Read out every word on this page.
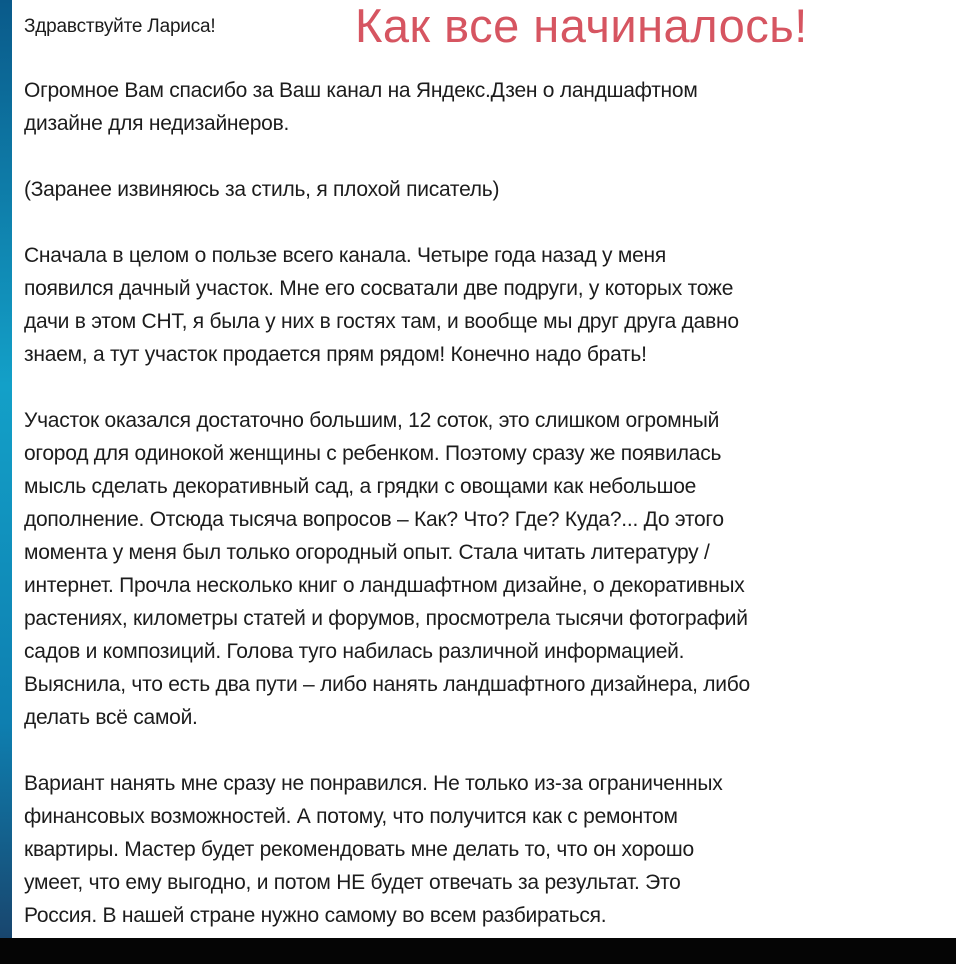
Здравствуйте Лариса!	Как все начиналось!

Огромное Вам спасибо за Ваш канал на Яндекс.Дзен о ландшафтном
дизайне для недизайнеров.

(Заранее извиняюсь за стиль, я плохой писатель)

Сначала в целом о пользе всего канала. Четыре года назад у меня
появился дачный участок. Мне его сосватали две подруги, у которых тоже
дачи в этом СНТ, я была у них в гостях там, и вообще мы друг друга давно
знаем, а тут участок продается прям рядом! Конечно надо брать!

Участок оказался достаточно большим, 12 соток, это слишком огромный
огород для одинокой женщины с ребенком. Поэтому сразу же появилась
мысль сделать декоративный сад, а грядки с овощами как небольшое
дополнение. Отсюда тысяча вопросов – Как? Что? Где? Куда?... До этого
момента у меня был только огородный опыт. Стала читать литературу /
интернет. Прочла несколько книг о ландшафтном дизайне, о декоративных
растениях, километры статей и форумов, просмотрела тысячи фотографий
садов и композиций. Голова туго набилась различной информацией.
Выяснила, что есть два пути – либо нанять ландшафтного дизайнера, либо
делать всё самой.

Вариант нанять мне сразу не понравился. Не только из-за ограниченных
финансовых возможностей. А потому, что получится как с ремонтом
квартиры. Мастер будет рекомендовать мне делать то, что он хорошо
умеет, что ему выгодно, и потом НЕ будет отвечать за результат. Это
Россия. В нашей стране нужно самому во всем разбираться.
